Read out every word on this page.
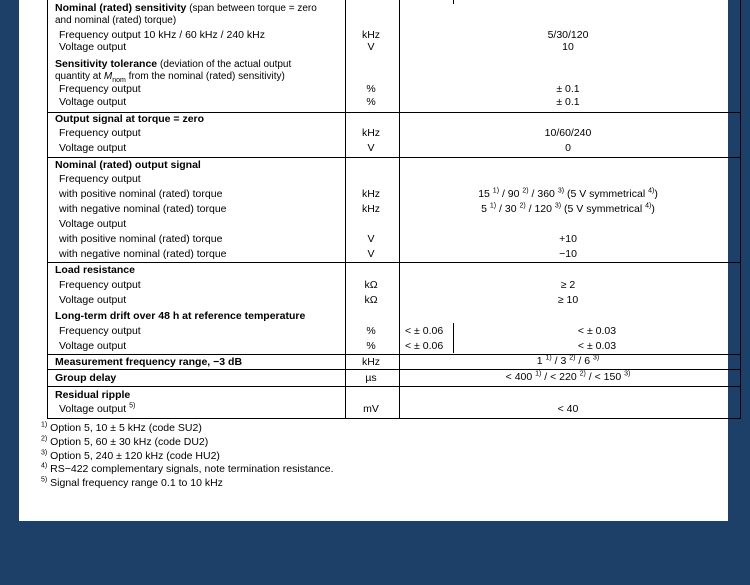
Nominal (rated) sensitivity (span between torque = zero
and nominal (rated) torque)
Frequency output 10 kHz / 60 kHz / 240 kHz	kHz	5/30/120
Voltage output	V	10
Sensitivity tolerance (deviation of the actual output
quantity at $M_{nom}$ from the nominal (rated) sensitivity)
Frequency output	%	± 0.1
Voltage output	%	± 0.1
Output signal at torque = zero
Frequency output	kHz	10/60/240
Voltage output	V	0
Nominal (rated) output signal
Frequency output
with positive nominal (rated) torque	kHz	15 $^{1)}$ / 90 $^{2)}$ / 360 $^{3)}$ (5 V symmetrical $^{4)}$)
with negative nominal (rated) torque	kHz	5 $^{1)}$ / 30 $^{2)}$ / 120 $^{3)}$ (5 V symmetrical $^{4)}$)
Voltage output
with positive nominal (rated) torque	V	+10
with negative nominal (rated) torque	V	−10
Load resistance
Frequency output	kΩ	≥ 2
Voltage output	kΩ	≥ 10
Long-term drift over 48 h at reference temperature
Frequency output	%	< ± 0.06	< ± 0.03
Voltage output	%	< ± 0.06	< ± 0.03
Measurement frequency range, −3 dB	kHz	1 $^{1)}$ / 3 $^{2)}$ / 6 $^{3)}$
Group delay	µs	< 400 $^{1)}$ / < 220 $^{2)}$ / < 150 $^{3)}$
Residual ripple
Voltage output $^{5)}$	mV	< 40
$^{1)}$ Option 5, 10 ± 5 kHz (code SU2)
$^{2)}$ Option 5, 60 ± 30 kHz (code DU2)
$^{3)}$ Option 5, 240 ± 120 kHz (code HU2)
$^{4)}$ RS−422 complementary signals, note termination resistance.
$^{5)}$ Signal frequency range 0.1 to 10 kHz
